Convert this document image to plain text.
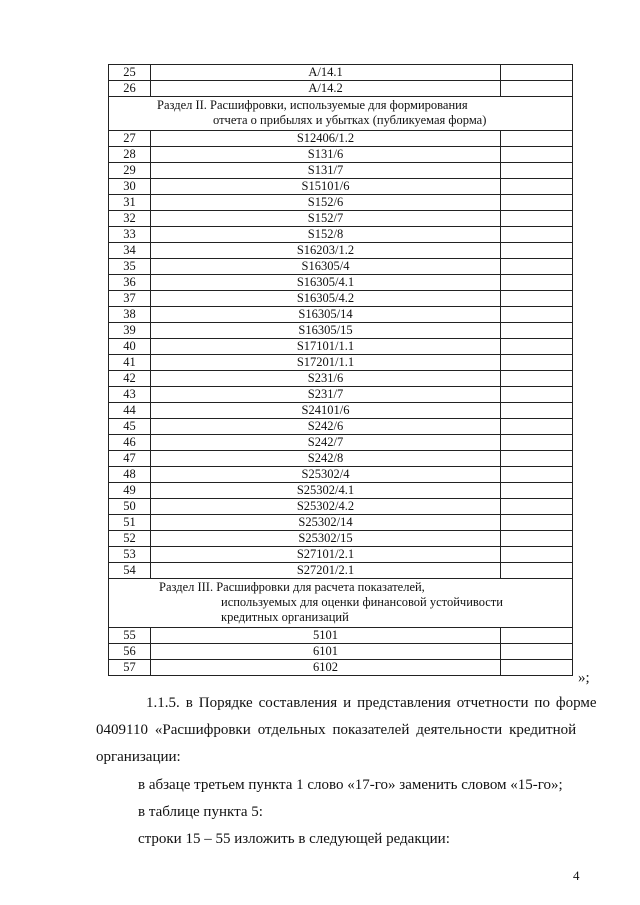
25	A/14.1	
26	A/14.2	

Раздел II. Расшифровки, используемые для формирования
отчета о прибылях и убытках (публикуемая форма)		

27	S12406/1.2	
28	S131/6	
29	S131/7	
30	S15101/6	
31	S152/6	
32	S152/7	
33	S152/8	
34	S16203/1.2	
35	S16305/4	
36	S16305/4.1	
37	S16305/4.2	
38	S16305/14	
39	S16305/15	
40	S17101/1.1	
41	S17201/1.1	
42	S231/6	
43	S231/7	
44	S24101/6	
45	S242/6	
46	S242/7	
47	S242/8	
48	S25302/4	
49	S25302/4.1	
50	S25302/4.2	
51	S25302/14	
52	S25302/15	
53	S27101/2.1	
54	S27201/2.1	

Раздел III. Расшифровки для расчета показателей,
используемых для оценки финансовой устойчивости
кредитных организаций		

55	5101	
56	6101	
57	6102	
»;
1.1.5. в Порядке составления и представления отчетности по форме
0409110 «Расшифровки отдельных показателей деятельности кредитной
организации:
в абзаце третьем пункта 1 слово «17-го» заменить словом «15-го»;
в таблице пункта 5:
строки 15 – 55 изложить в следующей редакции:
4
